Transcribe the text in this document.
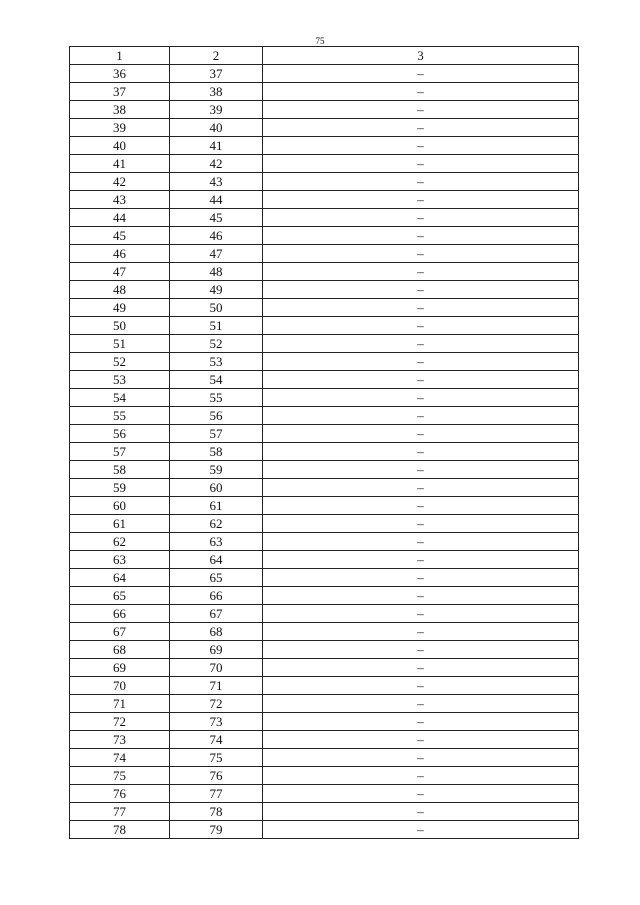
75
1	2	3
36	37	–
37	38	–
38	39	–
39	40	–
40	41	–
41	42	–
42	43	–
43	44	–
44	45	–
45	46	–
46	47	–
47	48	–
48	49	–
49	50	–
50	51	–
51	52	–
52	53	–
53	54	–
54	55	–
55	56	–
56	57	–
57	58	–
58	59	–
59	60	–
60	61	–
61	62	–
62	63	–
63	64	–
64	65	–
65	66	–
66	67	–
67	68	–
68	69	–
69	70	–
70	71	–
71	72	–
72	73	–
73	74	–
74	75	–
75	76	–
76	77	–
77	78	–
78	79	–
